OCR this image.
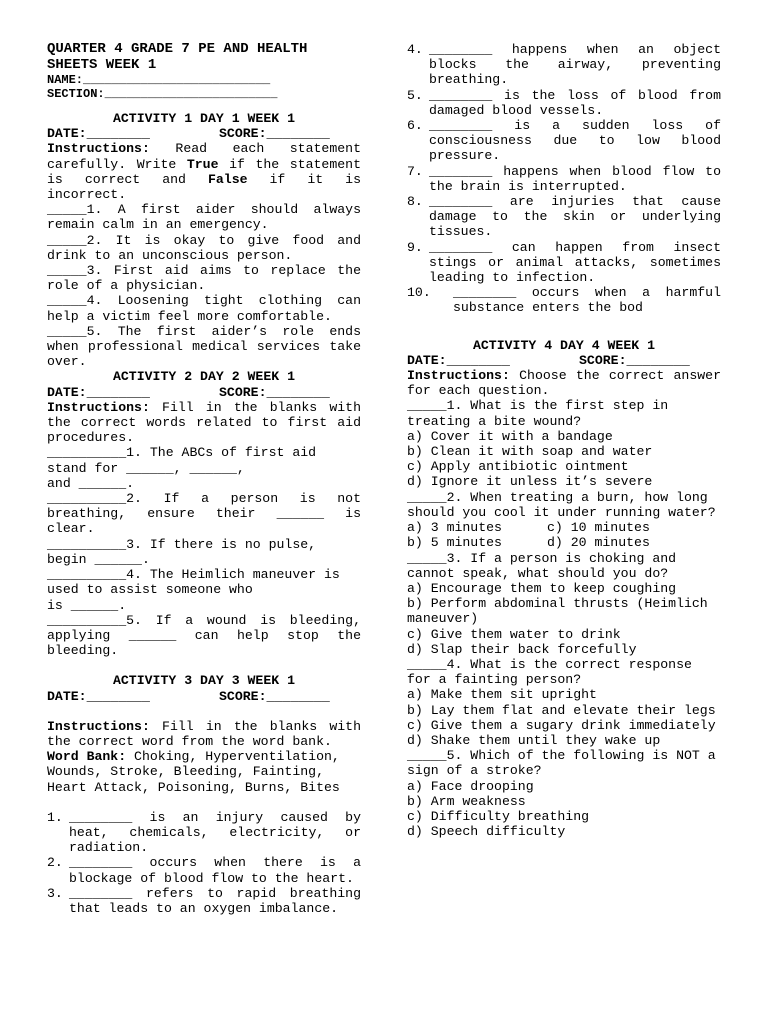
QUARTER 4 GRADE 7 PE AND HEALTH
SHEETS WEEK 1
NAME:__________________________
SECTION:________________________
ACTIVITY 1 DAY 1 WEEK 1
DATE:________	SCORE:________

Instructions: Read each statement carefully. Write True if the statement is correct and False if it is incorrect.

_____1. A first aider should always remain calm in an emergency.

_____2. It is okay to give food and drink to an unconscious person.

_____3. First aid aims to replace the role of a physician.

_____4. Loosening tight clothing can help a victim feel more comfortable.

_____5. The first aider’s role ends when professional medical services take over.

ACTIVITY 2 DAY 2 WEEK 1
DATE:________	SCORE:________

Instructions: Fill in the blanks with the correct words related to first aid procedures.

__________1. The ABCs of first aid stand for ______, ______,

and ______.

__________2. If a person is not breathing, ensure their ______ is clear.

__________3. If there is no pulse,

begin ______.

__________4. The Heimlich maneuver is used to assist someone who

is ______.

__________5. If a wound is bleeding, applying ______ can help stop the bleeding.

ACTIVITY 3 DAY 3 WEEK 1
DATE:________	SCORE:________

Instructions: Fill in the blanks with the correct word from the word bank.

Word Bank: Choking, Hyperventilation, Wounds, Stroke, Bleeding, Fainting, Heart Attack, Poisoning, Burns, Bites

1. ________ is an injury caused by heat, chemicals, electricity, or radiation.
2. ________ occurs when there is a blockage of blood flow to the heart.
3. ________ refers to rapid breathing that leads to an oxygen imbalance.
4. ________ happens when an object blocks the airway, preventing breathing.
5. ________ is the loss of blood from damaged blood vessels.
6. ________ is a sudden loss of consciousness due to low blood pressure.
7. ________ happens when blood flow to the brain is interrupted.
8. ________ are injuries that cause damage to the skin or underlying tissues.
9. ________ can happen from insect stings or animal attacks, sometimes leading to infection.
10.	________ occurs when a harmful substance enters the bod
ACTIVITY 4 DAY 4 WEEK 1
DATE:________	SCORE:________

Instructions: Choose the correct answer for each question.

_____1. What is the first step in treating a bite wound?

a) Cover it with a bandage

b) Clean it with soap and water

c) Apply antibiotic ointment

d) Ignore it unless it’s severe

_____2. When treating a burn, how long should you cool it under running water?

a) 3 minutes	c) 10 minutes
b) 5 minutes	d) 20 minutes

_____3. If a person is choking and cannot speak, what should you do?

a) Encourage them to keep coughing

b) Perform abdominal thrusts (Heimlich maneuver)

c) Give them water to drink

d) Slap their back forcefully

_____4. What is the correct response for a fainting person?

a) Make them sit upright

b) Lay them flat and elevate their legs

c) Give them a sugary drink immediately

d) Shake them until they wake up

_____5. Which of the following is NOT a sign of a stroke?

a) Face drooping

b) Arm weakness

c) Difficulty breathing

d) Speech difficulty
